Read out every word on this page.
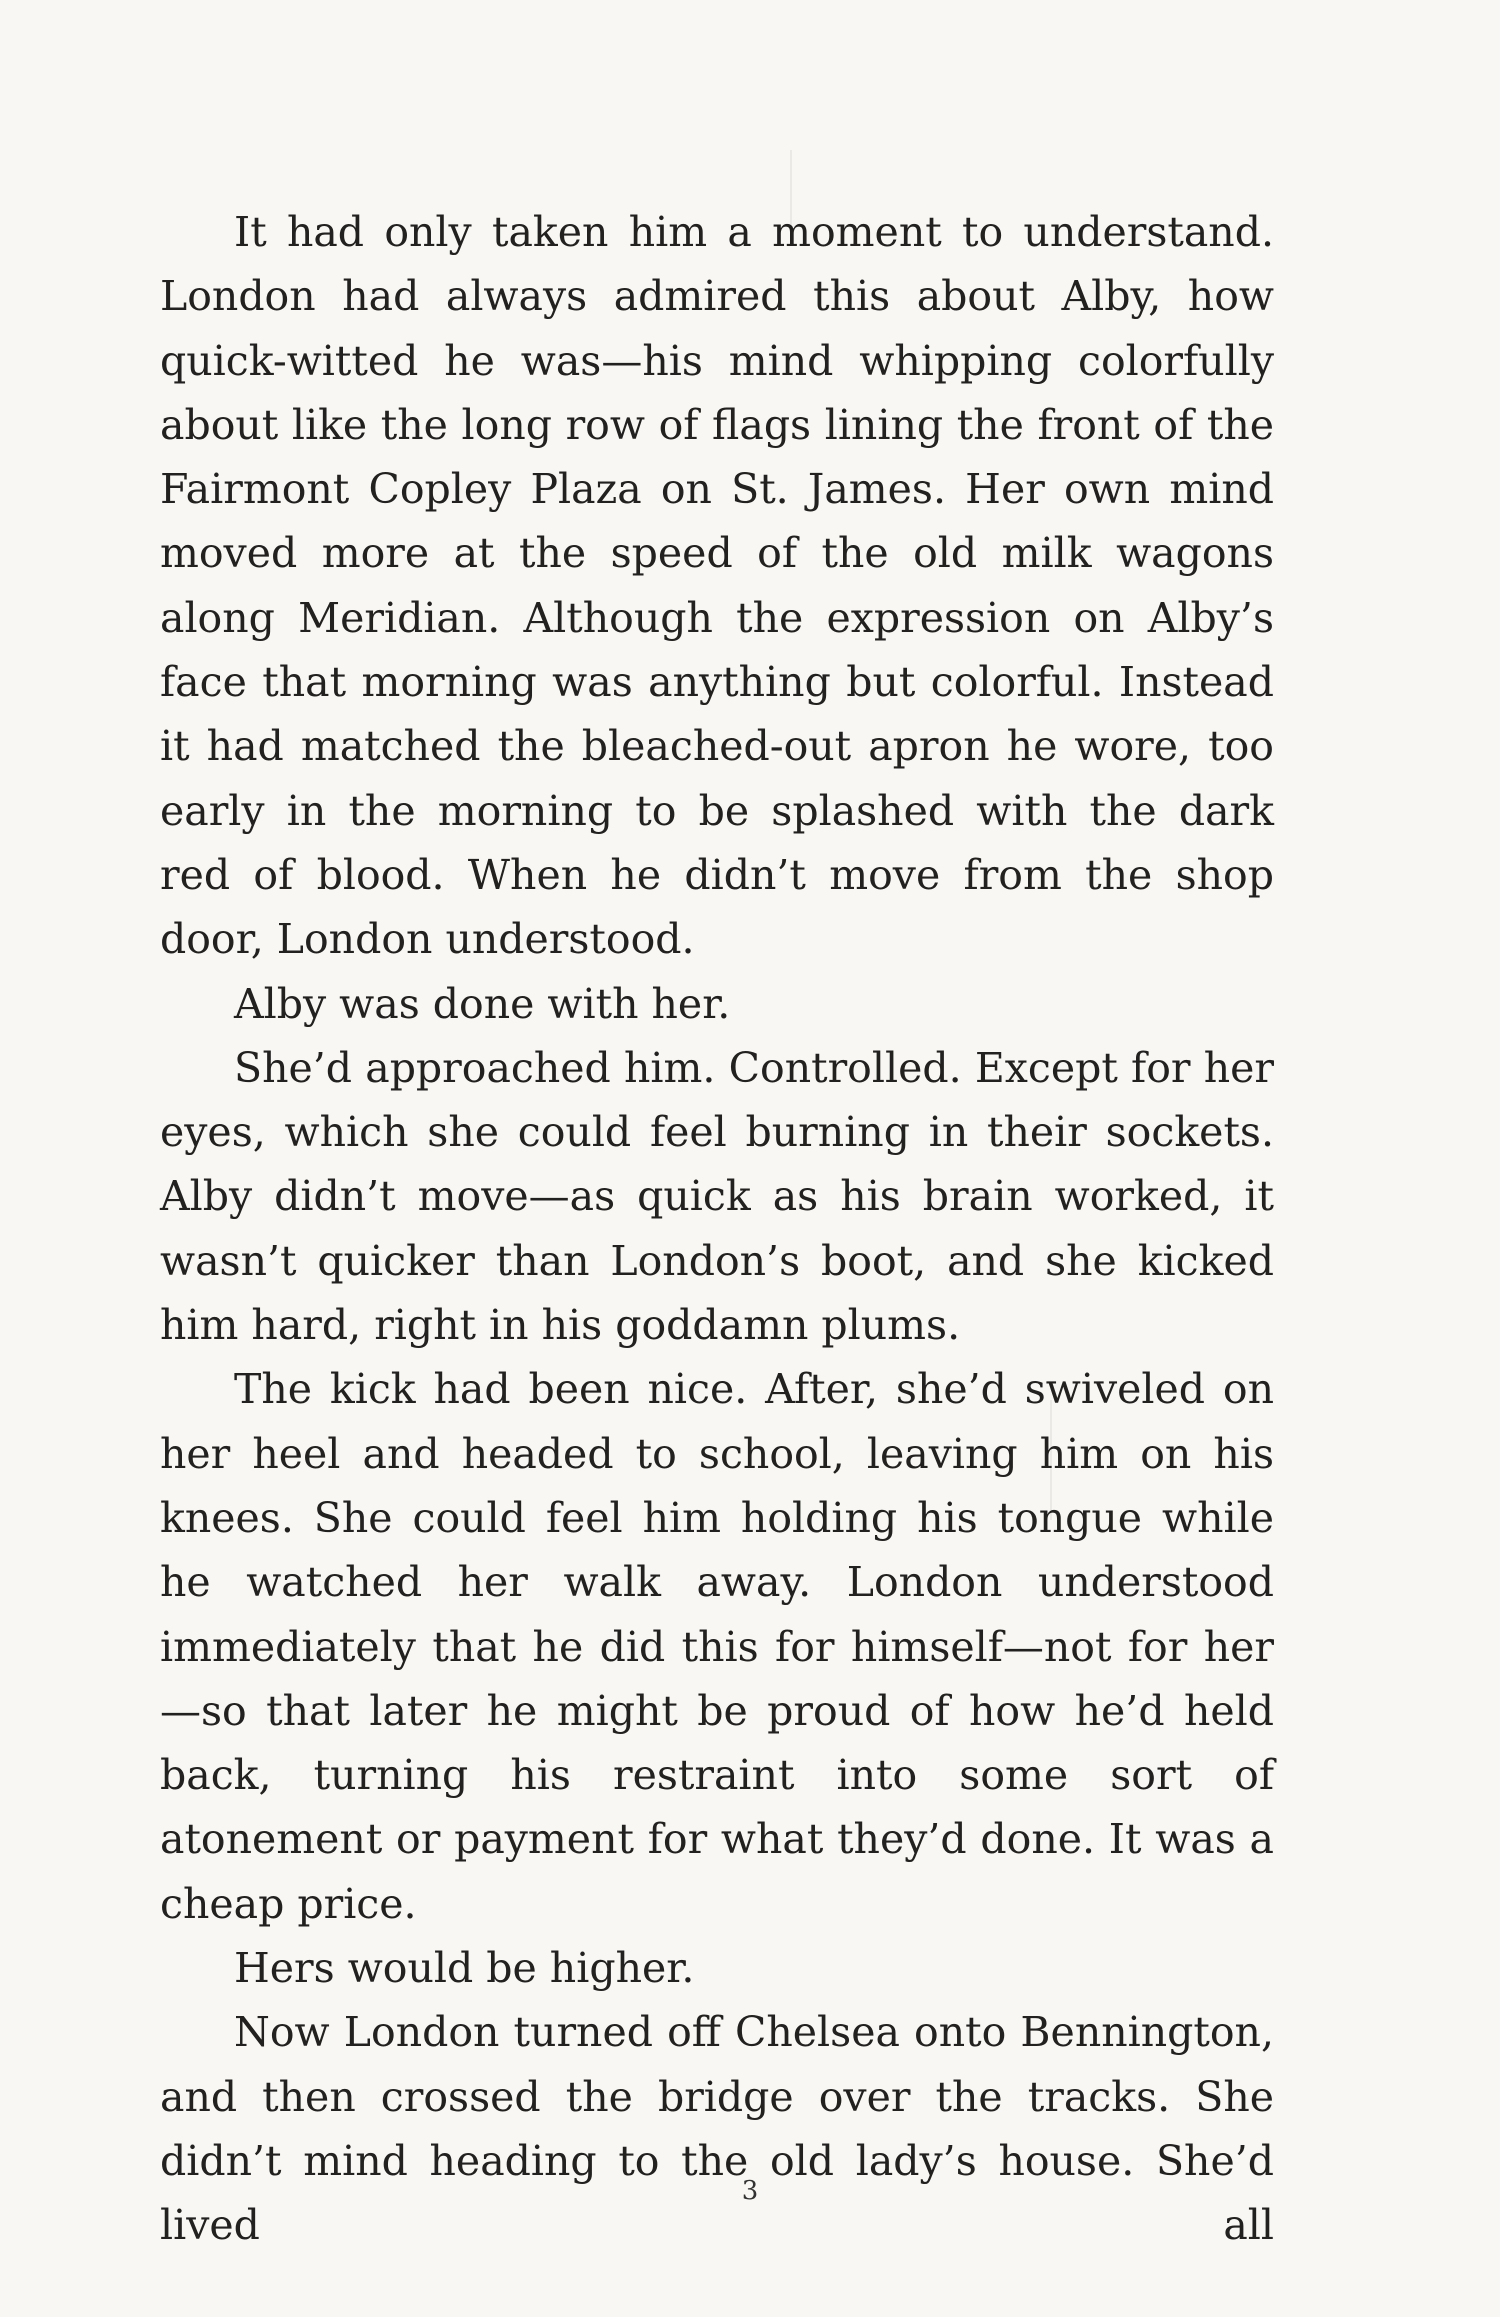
It had only taken him a moment to understand. London had always admired this about Alby, how quick-witted he was—his mind whipping colorfully about like the long row of flags lining the front of the Fairmont Copley Plaza on St. James. Her own mind moved more at the speed of the old milk wagons along Meridian. Although the expression on Alby’s face that morning was anything but colorful. Instead it had matched the bleached-out apron he wore, too early in the morning to be splashed with the dark red of blood. When he didn’t move from the shop door, London understood.

Alby was done with her.

She’d approached him. Controlled. Except for her eyes, which she could feel burning in their sockets. Alby didn’t move—as quick as his brain worked, it wasn’t quicker than London’s boot, and she kicked him hard, right in his goddamn plums.

The kick had been nice. After, she’d swiveled on her heel and headed to school, leaving him on his knees. She could feel him holding his tongue while he watched her walk away. London understood immediately that he did this for himself—not for her—so that later he might be proud of how he’d held back, turning his restraint into some sort of atonement or payment for what they’d done. It was a cheap price.

Hers would be higher.

Now London turned off Chelsea onto Bennington, and then crossed the bridge over the tracks. She didn’t mind heading to the old lady’s house. She’d lived all

3
